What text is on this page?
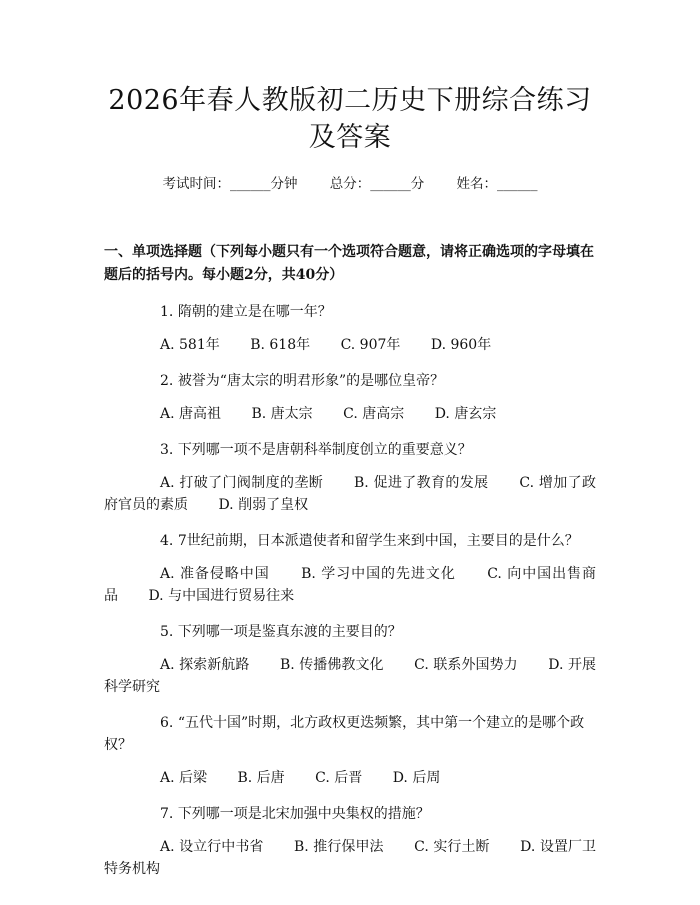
2026年春人教版初二历史下册综合练习及答案
考试时间：______分钟 总分：______分 姓名：______
一、单项选择题（下列每小题只有一个选项符合题意，请将正确选项的字母填在题后的括号内。每小题2分，共40分）
1. 隋朝的建立是在哪一年？
A. 581年 B. 618年 C. 907年 D. 960年
2. 被誉为“唐太宗的明君形象”的是哪位皇帝？
A. 唐高祖 B. 唐太宗 C. 唐高宗 D. 唐玄宗
3. 下列哪一项不是唐朝科举制度创立的重要意义？
A. 打破了门阀制度的垄断 B. 促进了教育的发展 C. 增加了政府官员的素质 D. 削弱了皇权
4. 7世纪前期，日本派遣使者和留学生来到中国，主要目的是什么？
A. 准备侵略中国 B. 学习中国的先进文化 C. 向中国出售商品 D. 与中国进行贸易往来
5. 下列哪一项是鉴真东渡的主要目的？
A. 探索新航路 B. 传播佛教文化 C. 联系外国势力 D. 开展科学研究
6. “五代十国”时期，北方政权更迭频繁，其中第一个建立的是哪个政权？
A. 后梁 B. 后唐 C. 后晋 D. 后周
7. 下列哪一项是北宋加强中央集权的措施？
A. 设立行中书省 B. 推行保甲法 C. 实行土断 D. 设置厂卫特务机构
